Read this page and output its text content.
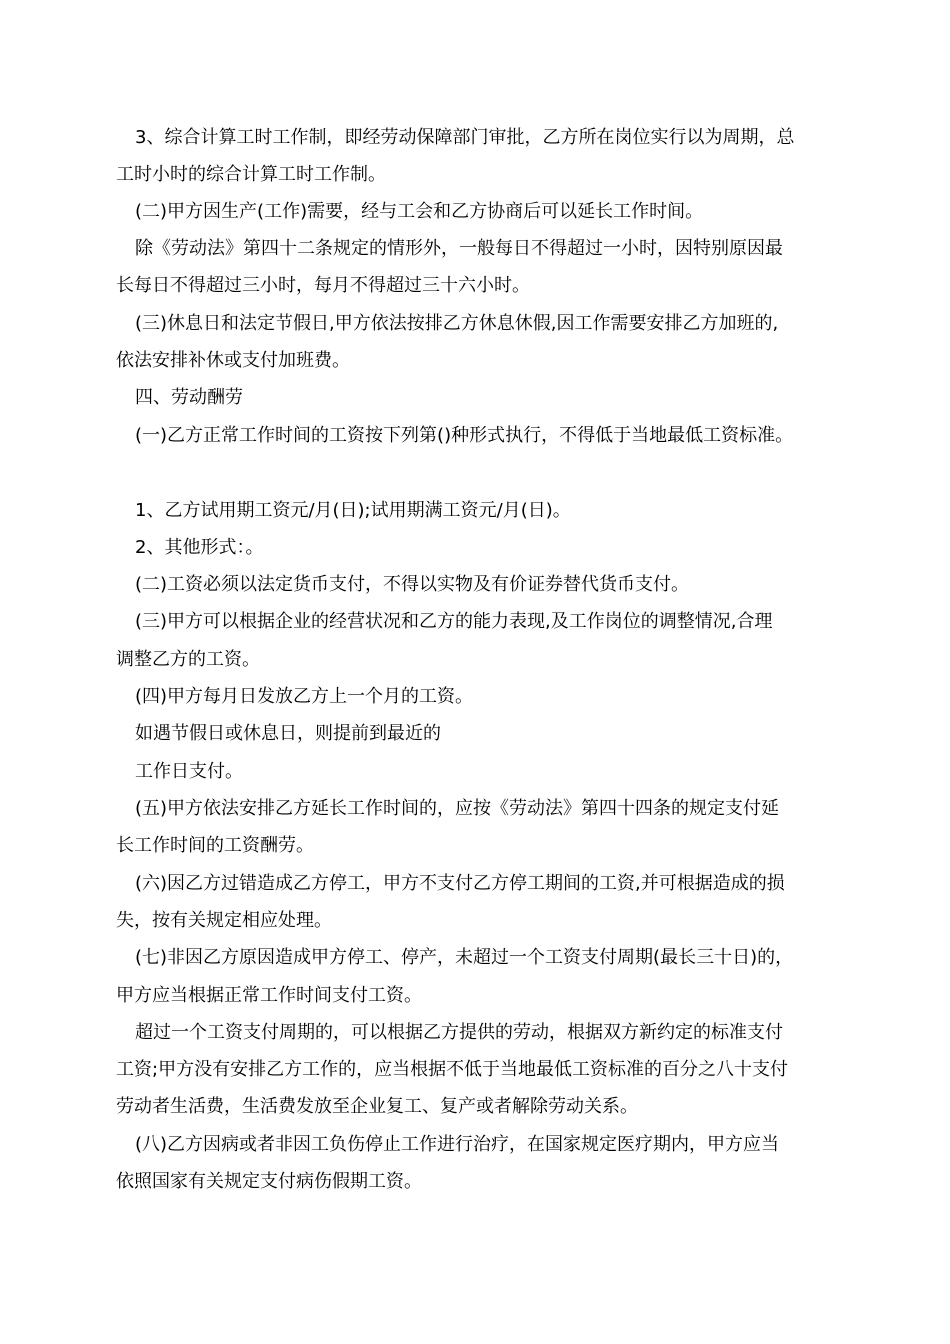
3、综合计算工时工作制，即经劳动保障部门审批，乙方所在岗位实行以为周期，总
工时小时的综合计算工时工作制。
(二)甲方因生产(工作)需要，经与工会和乙方协商后可以延长工作时间。
除《劳动法》第四十二条规定的情形外，一般每日不得超过一小时，因特别原因最
长每日不得超过三小时，每月不得超过三十六小时。
(三)休息日和法定节假日,甲方依法按排乙方休息休假,因工作需要安排乙方加班的,
依法安排补休或支付加班费。
四、劳动酬劳
(一)乙方正常工作时间的工资按下列第()种形式执行，不得低于当地最低工资标准。
1、乙方试用期工资元/月(日);试用期满工资元/月(日)。
2、其他形式：。
(二)工资必须以法定货币支付，不得以实物及有价证券替代货币支付。
(三)甲方可以根据企业的经营状况和乙方的能力表现,及工作岗位的调整情况,合理
调整乙方的工资。
(四)甲方每月日发放乙方上一个月的工资。
如遇节假日或休息日，则提前到最近的
工作日支付。
(五)甲方依法安排乙方延长工作时间的，应按《劳动法》第四十四条的规定支付延
长工作时间的工资酬劳。
(六)因乙方过错造成乙方停工，甲方不支付乙方停工期间的工资,并可根据造成的损
失，按有关规定相应处理。
(七)非因乙方原因造成甲方停工、停产，未超过一个工资支付周期(最长三十日)的，
甲方应当根据正常工作时间支付工资。
超过一个工资支付周期的，可以根据乙方提供的劳动，根据双方新约定的标准支付
工资;甲方没有安排乙方工作的，应当根据不低于当地最低工资标准的百分之八十支付
劳动者生活费，生活费发放至企业复工、复产或者解除劳动关系。
(八)乙方因病或者非因工负伤停止工作进行治疗，在国家规定医疗期内，甲方应当
依照国家有关规定支付病伤假期工资。
